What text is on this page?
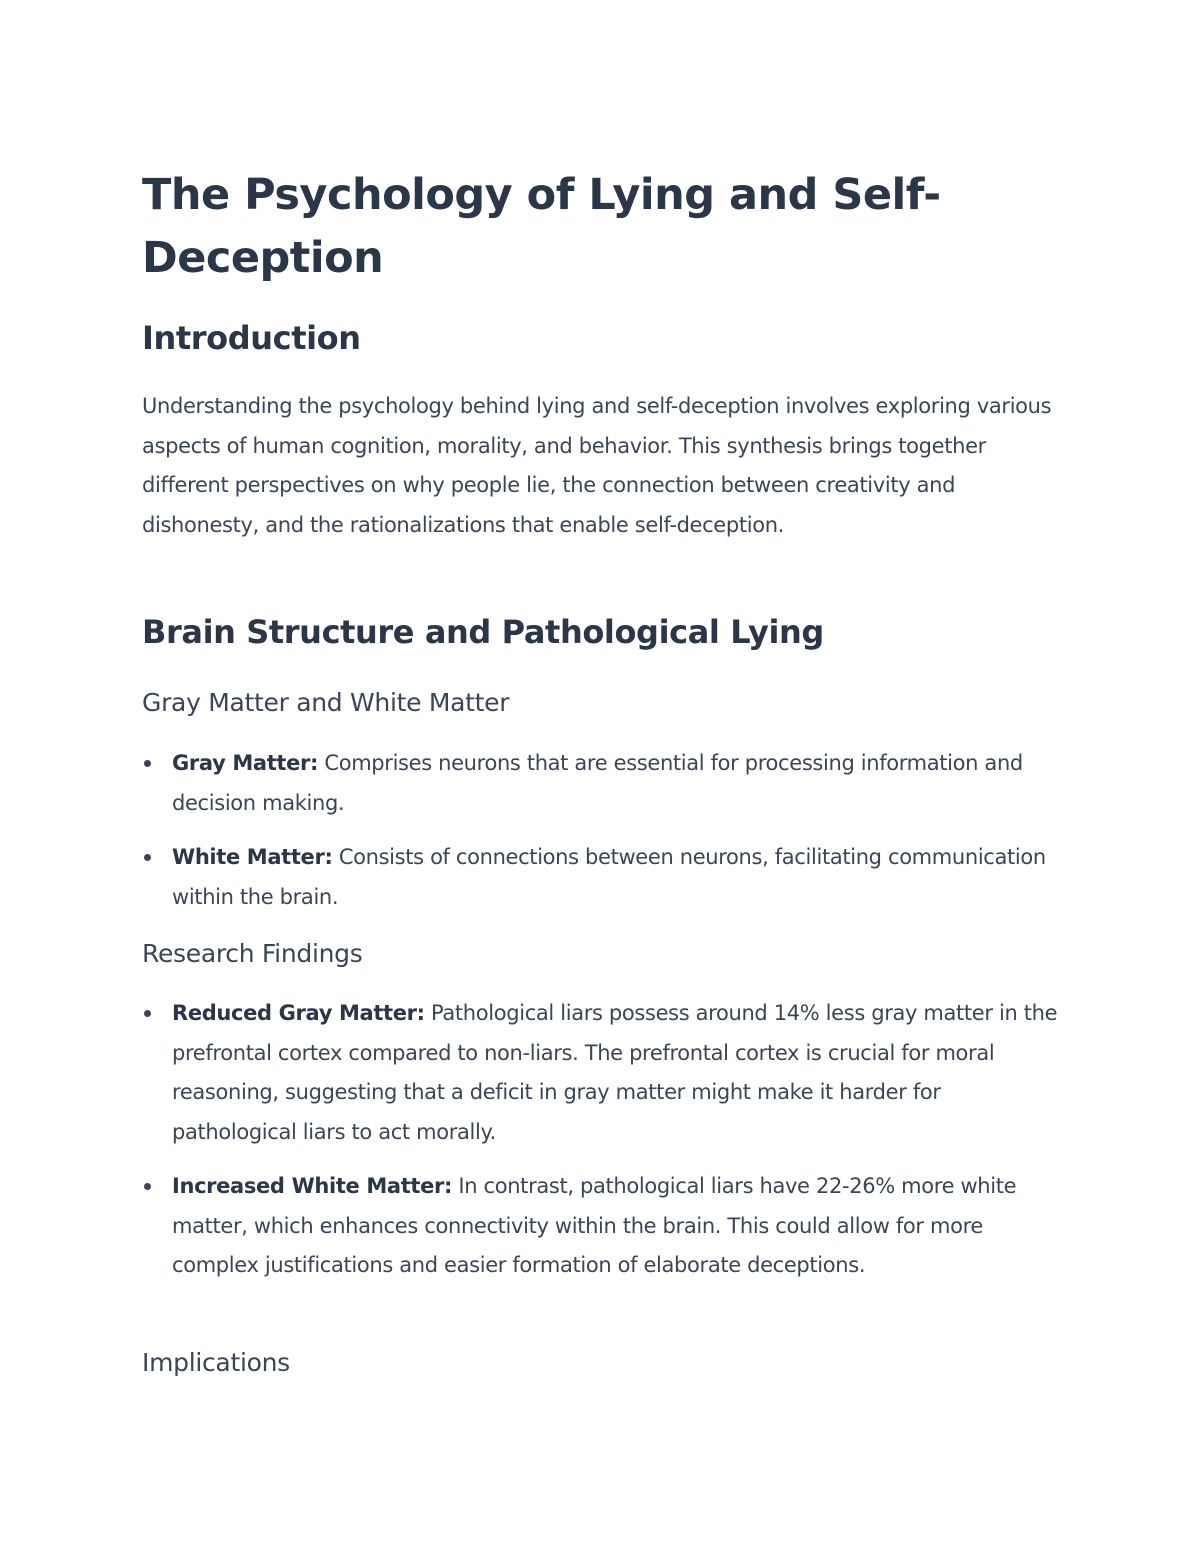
The Psychology of Lying and Self-Deception
Introduction

Understanding the psychology behind lying and self-deception involves exploring various aspects of human cognition, morality, and behavior. This synthesis brings together different perspectives on why people lie, the connection between creativity and dishonesty, and the rationalizations that enable self-deception.

Brain Structure and Pathological Lying
Gray Matter and White Matter
Gray Matter: Comprises neurons that are essential for processing information and decision making.
White Matter: Consists of connections between neurons, facilitating communication within the brain.
Research Findings
Reduced Gray Matter: Pathological liars possess around 14% less gray matter in the prefrontal cortex compared to non-liars. The prefrontal cortex is crucial for moral reasoning, suggesting that a deficit in gray matter might make it harder for pathological liars to act morally.
Increased White Matter: In contrast, pathological liars have 22-26% more white matter, which enhances connectivity within the brain. This could allow for more complex justifications and easier formation of elaborate deceptions.
Implications
